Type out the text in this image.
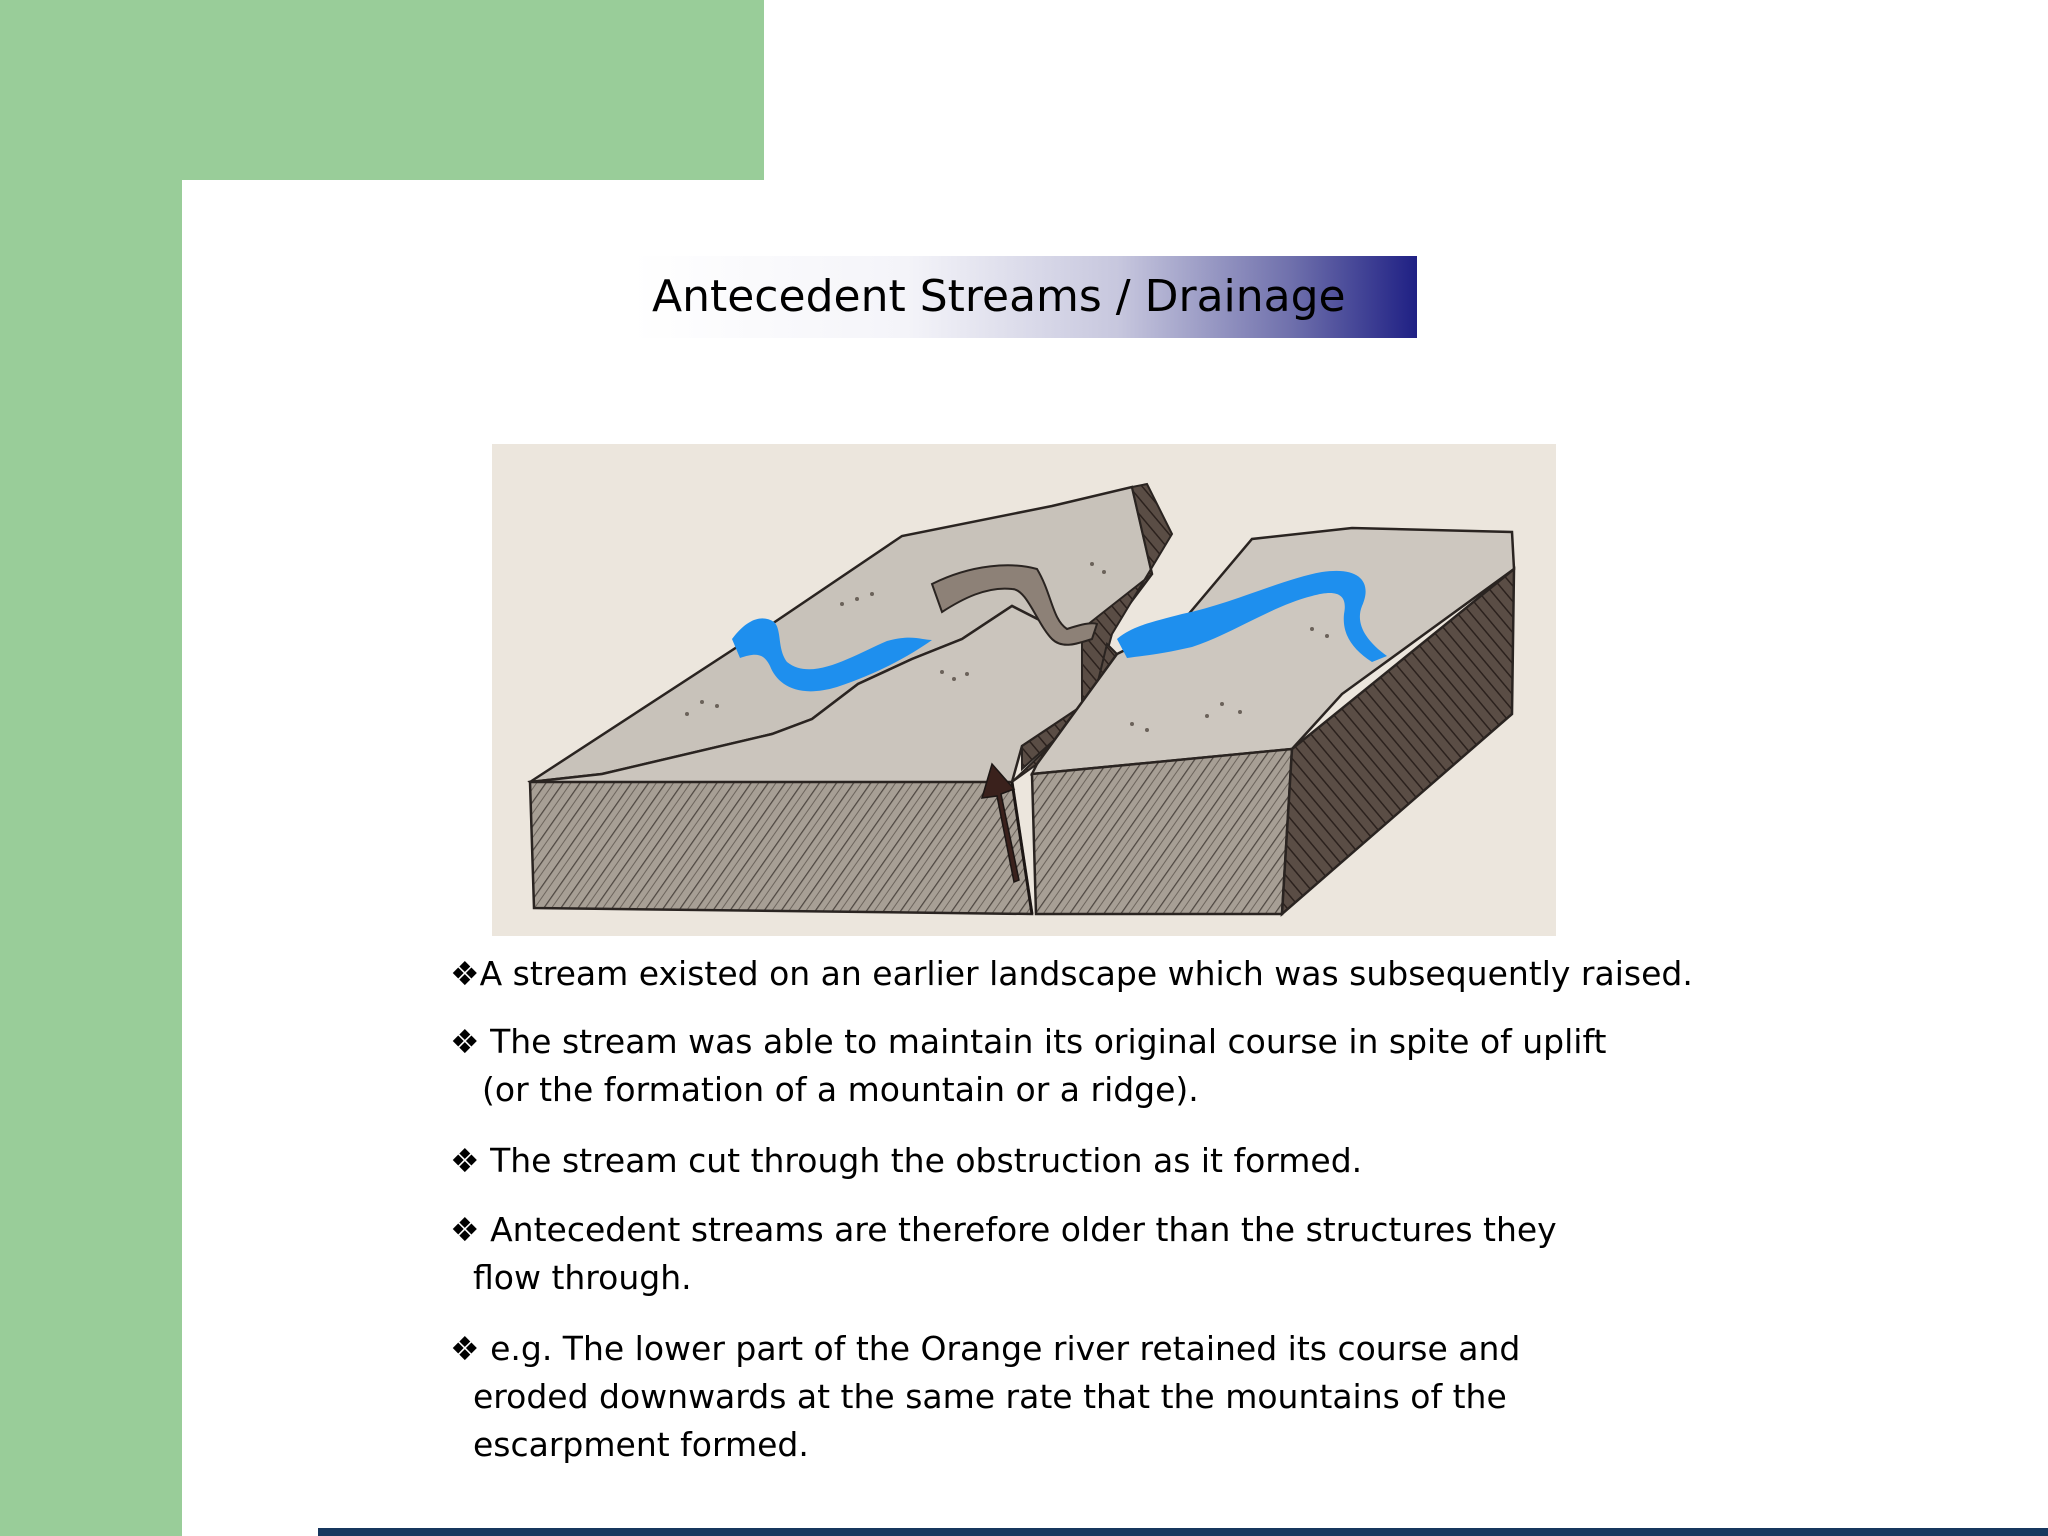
Antecedent Streams / Drainage
❖A stream existed on an earlier landscape which was subsequently raised.
❖ The stream was able to maintain its original course in spite of uplift
(or the formation of a mountain or a ridge).
❖ The stream cut through the obstruction as it formed.
❖ Antecedent streams are therefore older than the structures they
flow through.
❖ e.g. The lower part of the Orange river retained its course and
eroded downwards at the same rate that the mountains of the
escarpment formed.
